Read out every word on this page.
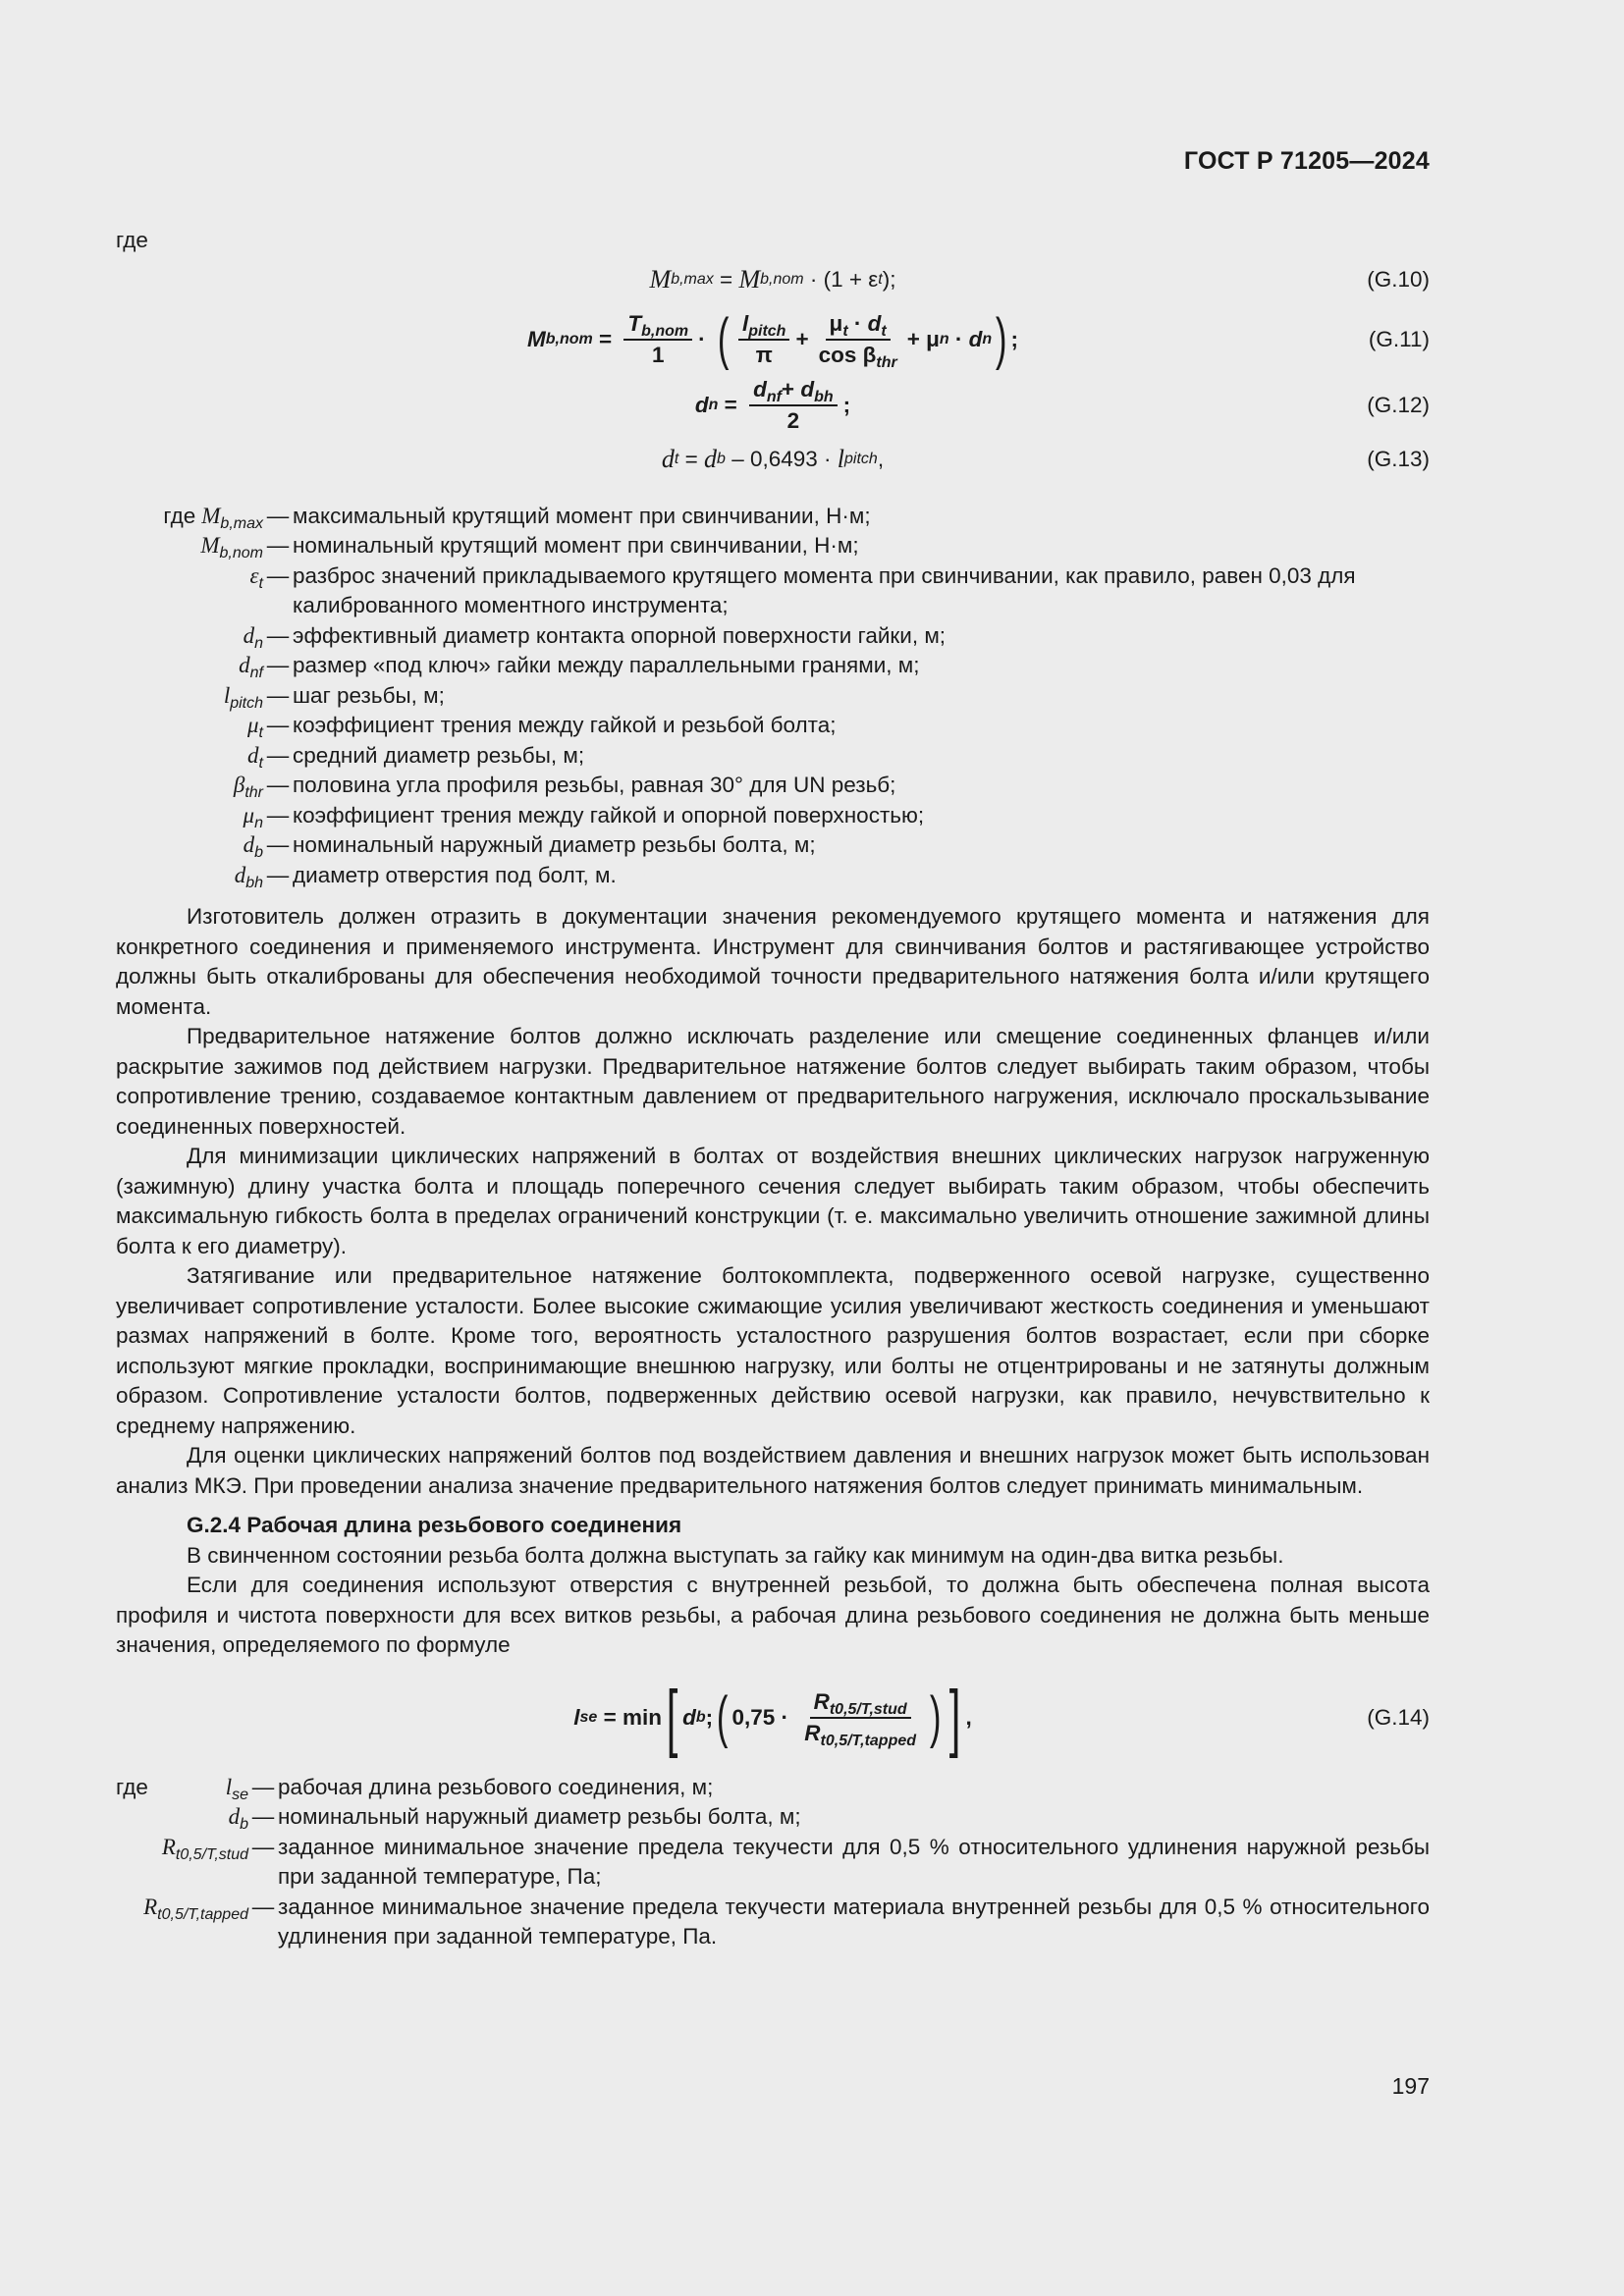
ГОСТ Р 71205—2024
где
M b,max = M b,nom · (1 + ε t );	(G.10)
M $b,nom = \frac{T_{b,nom}}{1}$ · ( $\frac{l_{pitch}}{\pi} + \frac{\mu_t \cdot d_t}{\cos \beta_{thr}} + \mu$ n · d n ) ;	(G.11)
d $n = \frac{d_{nf}+ d_{bh}}{2}$ ;	(G.12)
d t = d b – 0,6493 · l pitch ,	(G.13)
где $M_{b,max}$ — максимальный крутящий момент при свинчивании, Н·м;
$M_{b,nom}$ — номинальный крутящий момент при свинчивании, Н·м;
$\varepsilon_t$ — разброс значений прикладываемого крутящего момента при свинчивании, как правило, равен 0,03 для калиброванного моментного инструмента;
$d_n$ — эффективный диаметр контакта опорной поверхности гайки, м;
$d_{nf}$ — размер «под ключ» гайки между параллельными гранями, м;
$l_{pitch}$ — шаг резьбы, м;
$\mu_t$ — коэффициент трения между гайкой и резьбой болта;
$d_t$ — средний диаметр резьбы, м;
$\beta_{thr}$ — половина угла профиля резьбы, равная 30° для UN резьб;
$\mu_n$ — коэффициент трения между гайкой и опорной поверхностью;
$d_b$ — номинальный наружный диаметр резьбы болта, м;
$d_{bh}$ — диаметр отверстия под болт, м.

Изготовитель должен отразить в документации значения рекомендуемого крутящего момента и натяжения для конкретного соединения и применяемого инструмента. Инструмент для свинчивания болтов и растягивающее устройство должны быть откалиброваны для обеспечения необходимой точности предварительного натяжения болта и/или крутящего момента.

Предварительное натяжение болтов должно исключать разделение или смещение соединенных фланцев и/или раскрытие зажимов под действием нагрузки. Предварительное натяжение болтов следует выбирать таким образом, чтобы сопротивление трению, создаваемое контактным давлением от предварительного нагружения, исключало проскальзывание соединенных поверхностей.

Для минимизации циклических напряжений в болтах от воздействия внешних циклических нагрузок нагруженную (зажимную) длину участка болта и площадь поперечного сечения следует выбирать таким образом, чтобы обеспечить максимальную гибкость болта в пределах ограничений конструкции (т. е. максимально увеличить отношение зажимной длины болта к его диаметру).

Затягивание или предварительное натяжение болтокомплекта, подверженного осевой нагрузке, существенно увеличивает сопротивление усталости. Более высокие сжимающие усилия увеличивают жесткость соединения и уменьшают размах напряжений в болте. Кроме того, вероятность усталостного разрушения болтов возрастает, если при сборке используют мягкие прокладки, воспринимающие внешнюю нагрузку, или болты не отцентрированы и не затянуты должным образом. Сопротивление усталости болтов, подверженных действию осевой нагрузки, как правило, нечувствительно к среднему напряжению.

Для оценки циклических напряжений болтов под воздействием давления и внешних нагрузок может быть использован анализ МКЭ. При проведении анализа значение предварительного натяжения болтов следует принимать минимальным.

G.2.4 Рабочая длина резьбового соединения

В свинченном состоянии резьба болта должна выступать за гайку как минимум на один-два витка резьбы.

Если для соединения используют отверстия с внутренней резьбой, то должна быть обеспечена полная высота профиля и чистота поверхности для всех витков резьбы, а рабочая длина резьбового соединения не должна быть меньше значения, определяемого по формуле

l se = min [ d b ; ( $0,75 \cdot \frac{R_{t0,5/T,stud}}{R_{t0,5/T,tapped}}$ ) ] ,	(G.14)
где	$l_{se}$ — рабочая длина резьбового соединения, м;
$d_b$ — номинальный наружный диаметр резьбы болта, м;
$R_{t0,5/T,stud}$ — заданное минимальное значение предела текучести для 0,5 % относительного удлинения наружной резьбы при заданной температуре, Па;
$R_{t0,5/T,tapped}$ — заданное минимальное значение предела текучести материала внутренней резьбы для 0,5 % относительного удлинения при заданной температуре, Па.
197
